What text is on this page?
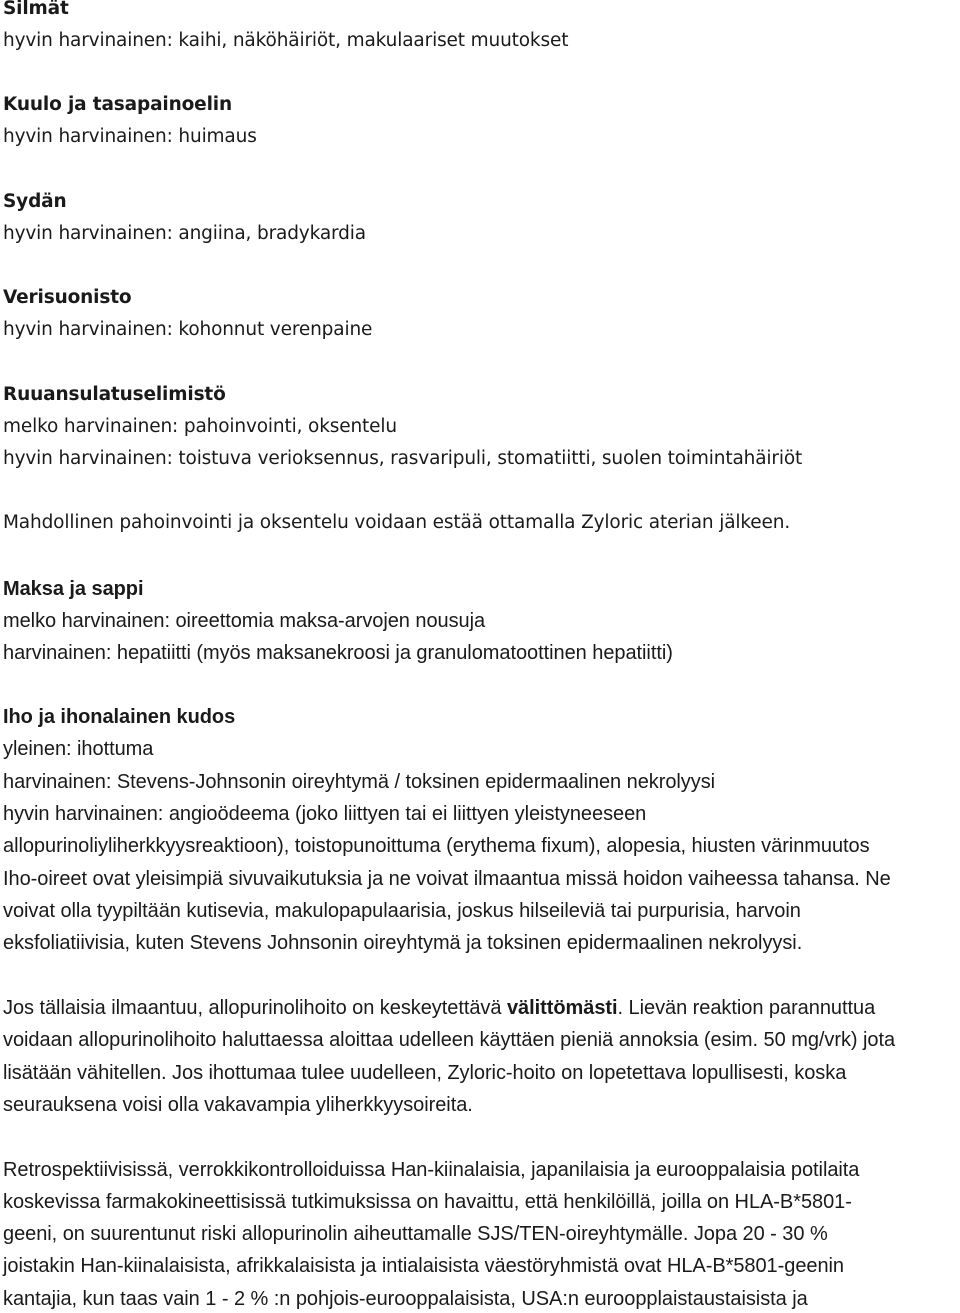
Silmät
hyvin harvinainen: kaihi, näköhäiriöt, makulaariset muutokset
Kuulo ja tasapainoelin
hyvin harvinainen: huimaus
Sydän
hyvin harvinainen: angiina, bradykardia
Verisuonisto
hyvin harvinainen: kohonnut verenpaine
Ruuansulatuselimistö
melko harvinainen: pahoinvointi, oksentelu
hyvin harvinainen: toistuva verioksennus, rasvaripuli, stomatiitti, suolen toimintahäiriöt
Mahdollinen pahoinvointi ja oksentelu voidaan estää ottamalla Zyloric aterian jälkeen.
Maksa ja sappi
melko harvinainen: oireettomia maksa-arvojen nousuja
harvinainen: hepatiitti (myös maksanekroosi ja granulomatoottinen hepatiitti)
Iho ja ihonalainen kudos
yleinen: ihottuma
harvinainen: Stevens-Johnsonin oireyhtymä / toksinen epidermaalinen nekrolyysi
hyvin harvinainen: angioödeema (joko liittyen tai ei liittyen yleistyneeseen
allopurinoliyliherkkyysreaktioon), toistopunoittuma (erythema fixum), alopesia, hiusten värinmuutos
Iho-oireet ovat yleisimpiä sivuvaikutuksia ja ne voivat ilmaantua missä hoidon vaiheessa tahansa. Ne
voivat olla tyypiltään kutisevia, makulopapulaarisia, joskus hilseileviä tai purpurisia, harvoin
eksfoliatiivisia, kuten Stevens Johnsonin oireyhtymä ja toksinen epidermaalinen nekrolyysi.
Jos tällaisia ilmaantuu, allopurinolihoito on keskeytettävä välittömästi. Lievän reaktion parannuttua
voidaan allopurinolihoito haluttaessa aloittaa udelleen käyttäen pieniä annoksia (esim. 50 mg/vrk) jota
lisätään vähitellen. Jos ihottumaa tulee uudelleen, Zyloric-hoito on lopetettava lopullisesti, koska
seurauksena voisi olla vakavampia yliherkkyysoireita.
Retrospektiivisissä, verrokkikontrolloiduissa Han-kiinalaisia, japanilaisia ja eurooppalaisia potilaita
koskevissa farmakokineettisissä tutkimuksissa on havaittu, että henkilöillä, joilla on HLA-B*5801-
geeni, on suurentunut riski allopurinolin aiheuttamalle SJS/TEN-oireyhtymälle. Jopa 20 - 30 %
joistakin Han-kiinalaisista, afrikkalaisista ja intialaisista väestöryhmistä ovat HLA-B*5801-geenin
kantajia, kun taas vain 1 - 2 % :n pohjois-eurooppalaisista, USA:n euroopplaistaustaisista ja
